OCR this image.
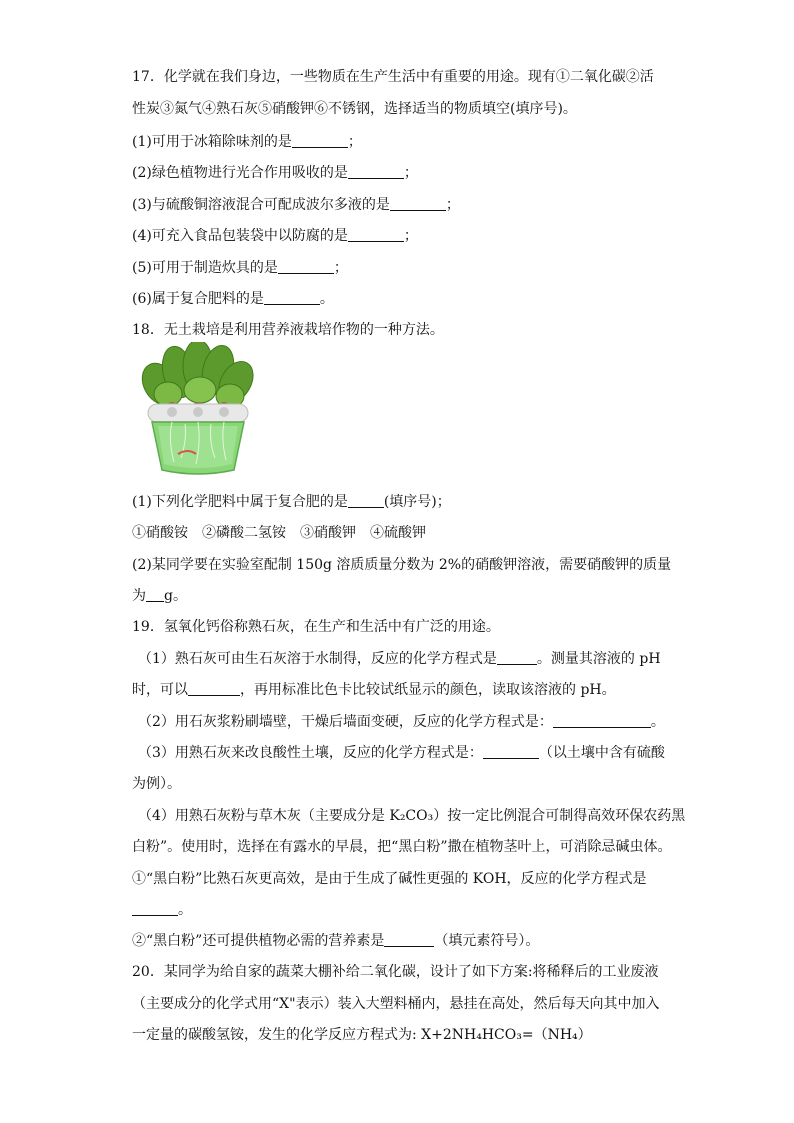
17．化学就在我们身边，一些物质在生产生活中有重要的用途。现有①二氧化碳②活
性炭③氮气④熟石灰⑤硝酸钾⑥不锈钢，选择适当的物质填空(填序号)。
(1)可用于冰箱除味剂的是	；
(2)绿色植物进行光合作用吸收的是	；
(3)与硫酸铜溶液混合可配成波尔多液的是	；
(4)可充入食品包装袋中以防腐的是	；
(5)可用于制造炊具的是	；
(6)属于复合肥料的是	。
18．无土栽培是利用营养液栽培作物的一种方法。
(1)下列化学肥料中属于复合肥的是	(填序号)；
①硝酸铵　②磷酸二氢铵　③硝酸钾　④硫酸钾
(2)某同学要在实验室配制 150g 溶质质量分数为 2%的硝酸钾溶液，需要硝酸钾的质量
为 g。
19．氢氧化钙俗称熟石灰，在生产和生活中有广泛的用途。
（1）熟石灰可由生石灰溶于水制得，反应的化学方程式是	。测量其溶液的 pH
时，可以	，再用标准比色卡比较试纸显示的颜色，读取该溶液的 pH。
（2）用石灰浆粉刷墙壁，干燥后墙面变硬，反应的化学方程式是：	。
（3）用熟石灰来改良酸性土壤，反应的化学方程式是：	（以土壤中含有硫酸
为例）。
（4）用熟石灰粉与草木灰（主要成分是 K₂CO₃）按一定比例混合可制得高效环保农药黑
白粉”。使用时，选择在有露水的早晨，把“黑白粉”撒在植物茎叶上，可消除忌碱虫体。
①“黑白粉”比熟石灰更高效，是由于生成了碱性更强的 KOH，反应的化学方程式是
。
②“黑白粉”还可提供植物必需的营养素是	（填元素符号）。
20．某同学为给自家的蔬菜大棚补给二氧化碳，设计了如下方案:将稀释后的工业废液
（主要成分的化学式用“X"表示）装入大塑料桶内，悬挂在高处，然后每天向其中加入
一定量的碳酸氢铵，发生的化学反应方程式为: X+2NH₄HCO₃=（NH₄）
